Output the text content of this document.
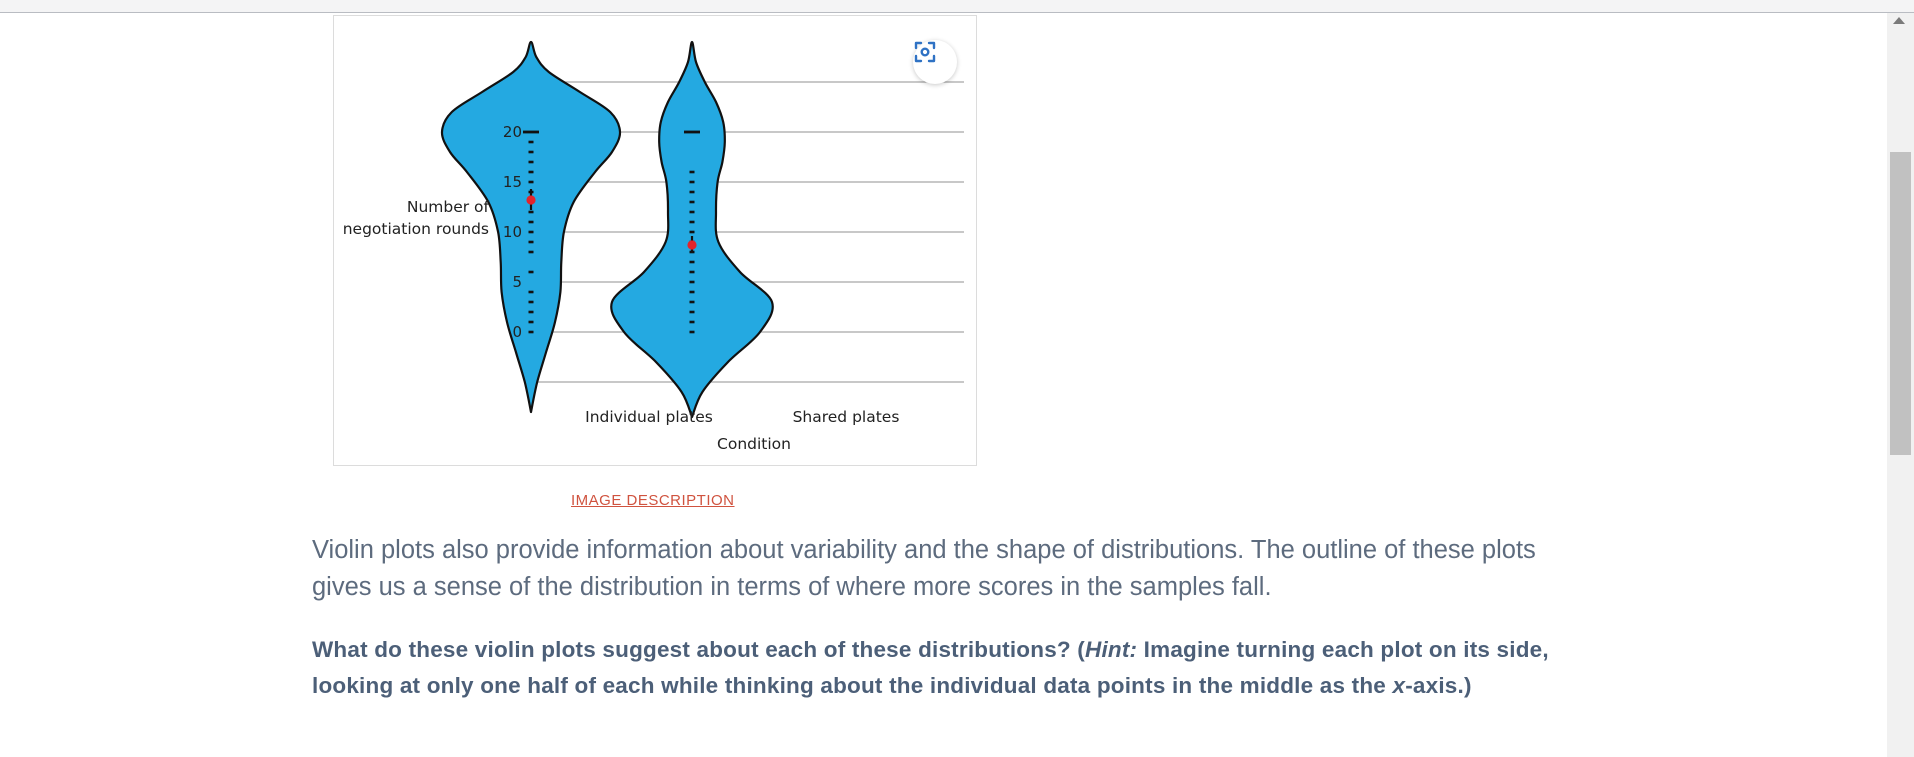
0
5
10
15
20
Number of
negotiation rounds
Individual plates	Shared plates
Condition
IMAGE DESCRIPTION

Violin plots also provide information about variability and the shape of distributions. The outline of these plots gives us a sense of the distribution in terms of where more scores in the samples fall.

What do these violin plots suggest about each of these distributions? (Hint: Imagine turning each plot on its side, looking at only one half of each while thinking about the individual data points in the middle as the x-axis.)
